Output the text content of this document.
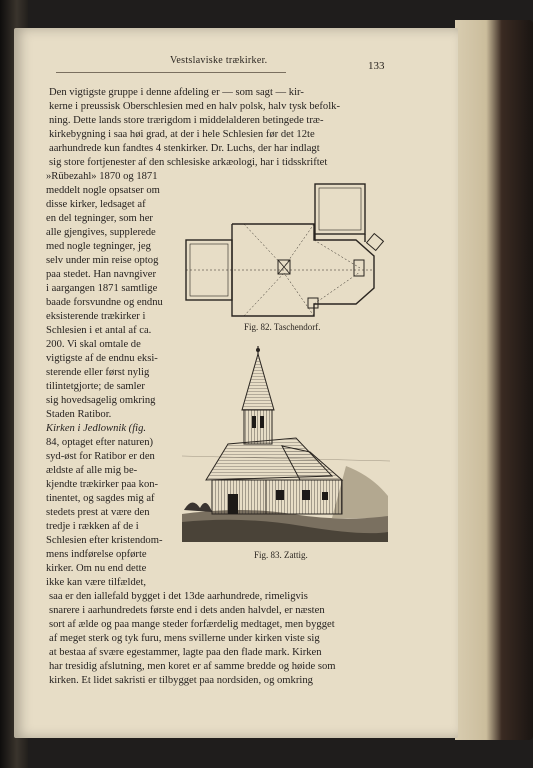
Vestslaviske trækirker.	133
Den vigtigste gruppe i denne afdeling er — som sagt — kir-
kerne i preussisk Oberschlesien med en halv polsk, halv tysk befolk-
ning. Dette lands store trærigdom i middelalderen betingede træ-
kirkebygning i saa høi grad, at der i hele Schlesien før det 12te
aarhundrede kun fandtes 4 stenkirker. Dr. Luchs, der har indlagt
sig store fortjenester af den schlesiske arkæologi, har i tidsskriftet
»Rübezahl» 1870 og 1871
meddelt nogle opsatser om
disse kirker, ledsaget af
en del tegninger, som her
alle gjengives, supplerede
med nogle tegninger, jeg
selv under min reise optog
paa stedet. Han navngiver
i aargangen 1871 samtlige
baade forsvundne og endnu
eksisterende trækirker i
Schlesien i et antal af ca.
200. Vi skal omtale de
vigtigste af de endnu eksi-
sterende eller først nylig
tilintetgjorte; de samler
sig hovedsagelig omkring
Staden Ratibor.
Kirken i Jedlownik (fig.
84, optaget efter naturen)
syd-øst for Ratibor er den
ældste af alle mig be-
kjendte trækirker paa kon-
tinentet, og sagdes mig af
stedets prest at være den
tredje i rækken af de i
Schlesien efter kristendom-
mens indførelse opførte
kirker. Om nu end dette
ikke kan være tilfældet,
Fig. 82. Taschendorf.
Fig. 83. Zattig.
saa er den iallefald bygget i det 13de aarhundrede, rimeligvis
snarere i aarhundredets første end i dets anden halvdel, er næsten
sort af ælde og paa mange steder forfærdelig medtaget, men bygget
af meget sterk og tyk furu, mens svillerne under kirken viste sig
at bestaa af svære egestammer, lagte paa den flade mark. Kirken
har tresidig afslutning, men koret er af samme bredde og høide som
kirken. Et lidet sakristi er tilbygget paa nordsiden, og omkring
